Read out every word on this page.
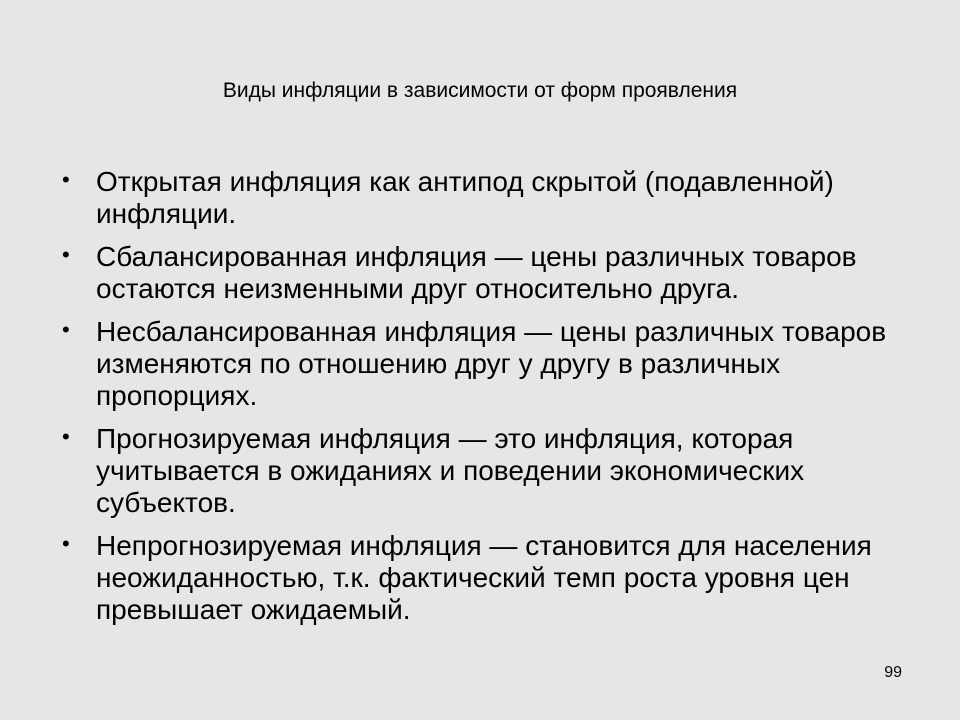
Виды инфляции в зависимости от форм проявления
• Открытая инфляция как антипод скрытой (подавленной) инфляции.
• Сбалансированная инфляция — цены различных товаров остаются неизменными друг относительно друга.
• Несбалансированная инфляция — цены различных товаров изменяются по отношению друг у другу в различных пропорциях.
• Прогнозируемая инфляция — это инфляция, которая учитывается в ожиданиях и поведении экономических субъектов.
• Непрогнозируемая инфляция — становится для населения неожиданностью, т.к. фактический темп роста уровня цен превышает ожидаемый.
99
